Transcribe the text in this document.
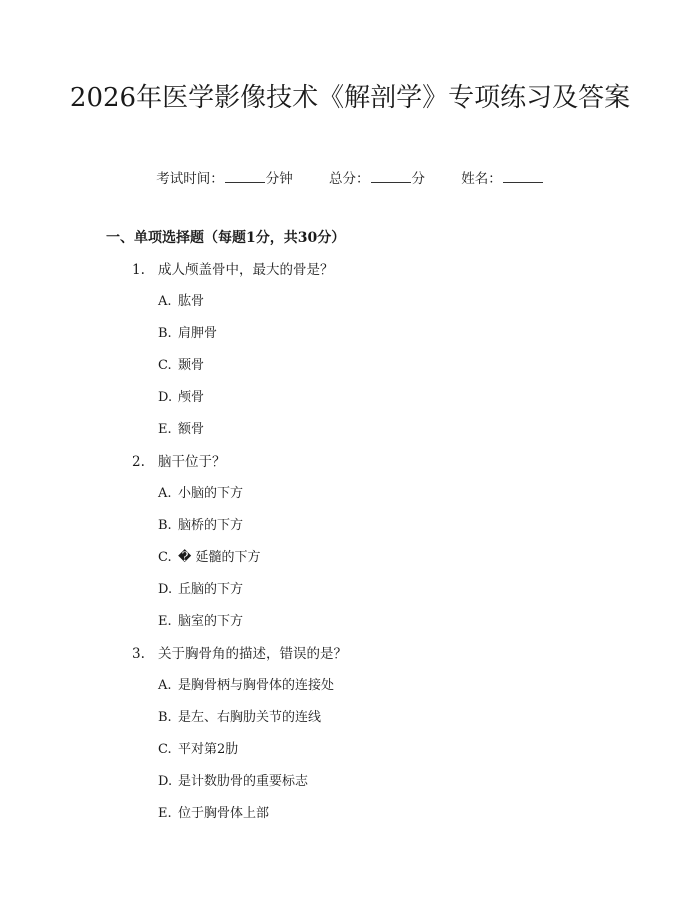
2026年医学影像技术《解剖学》专项练习及答案
考试时间：	分钟	总分：	分	姓名：
一、单项选择题（每题1分，共30分）
1. 成人颅盖骨中，最大的骨是？
A. 肱骨
B. 肩胛骨
C. 颞骨
D. 颅骨
E. 额骨
2. 脑干位于？
A. 小脑的下方
B. 脑桥的下方
C. � 延髓的下方
D. 丘脑的下方
E. 脑室的下方
3. 关于胸骨角的描述，错误的是？
A. 是胸骨柄与胸骨体的连接处
B. 是左、右胸肋关节的连线
C. 平对第2肋
D. 是计数肋骨的重要标志
E. 位于胸骨体上部
